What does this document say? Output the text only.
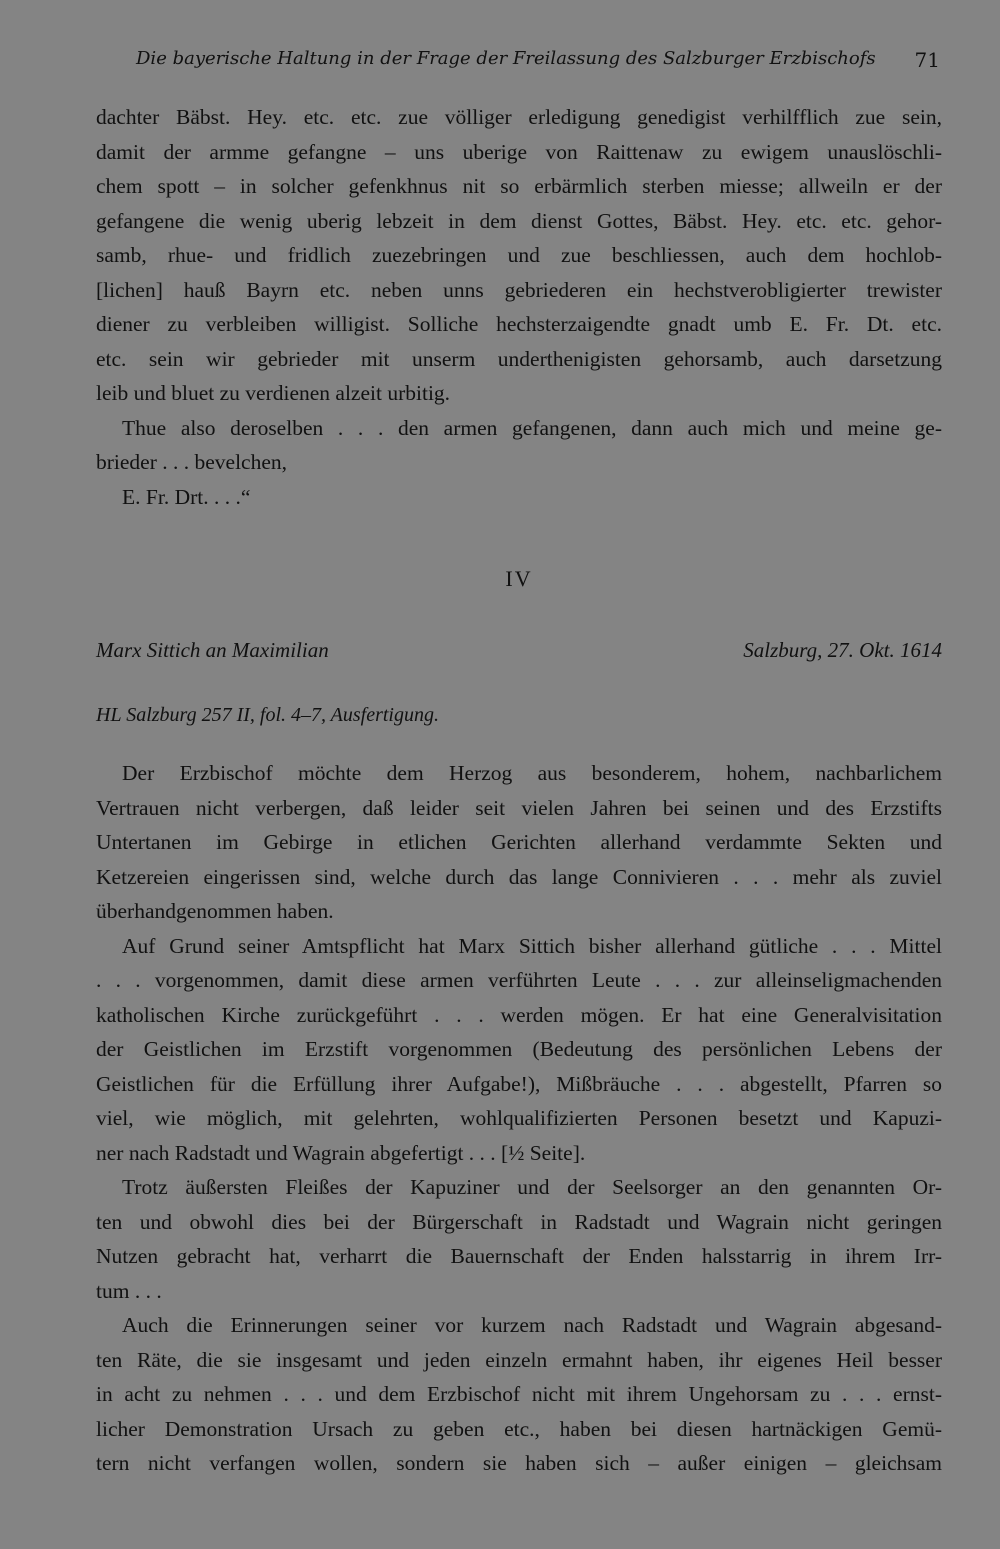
Die bayerische Haltung in der Frage der Freilassung des Salzburger Erzbischofs 71

dachter Bäbst. Hey. etc. etc. zue völliger erledigung genedigist verhilfflich zue sein,
damit der armme gefangne – uns uberige von Raittenaw zu ewigem unauslöschli-
chem spott – in solcher gefenkhnus nit so erbärmlich sterben miesse; allweiln er der
gefangene die wenig uberig lebzeit in dem dienst Gottes, Bäbst. Hey. etc. etc. gehor-
samb, rhue- und fridlich zuezebringen und zue beschliessen, auch dem hochlob-
[lichen] hauß Bayrn etc. neben unns gebriederen ein hechstverobligierter trewister
diener zu verbleiben willigist. Solliche hechsterzaigendte gnadt umb E. Fr. Dt. etc.
etc. sein wir gebrieder mit unserm underthenigisten gehorsamb, auch darsetzung
leib und bluet zu verdienen alzeit urbitig.

Thue also deroselben . . . den armen gefangenen, dann auch mich und meine ge-
brieder . . . bevelchen,

E. Fr. Drt. . . .“

IV
Marx Sittich an Maximilian	Salzburg, 27. Okt. 1614
HL Salzburg 257 II, fol. 4–7, Ausfertigung.

Der Erzbischof möchte dem Herzog aus besonderem, hohem, nachbarlichem
Vertrauen nicht verbergen, daß leider seit vielen Jahren bei seinen und des Erzstifts
Untertanen im Gebirge in etlichen Gerichten allerhand verdammte Sekten und
Ketzereien eingerissen sind, welche durch das lange Connivieren . . . mehr als zuviel
überhandgenommen haben.

Auf Grund seiner Amtspflicht hat Marx Sittich bisher allerhand gütliche . . . Mittel
. . . vorgenommen, damit diese armen verführten Leute . . . zur alleinseligmachenden
katholischen Kirche zurückgeführt . . . werden mögen. Er hat eine Generalvisitation
der Geistlichen im Erzstift vorgenommen (Bedeutung des persönlichen Lebens der
Geistlichen für die Erfüllung ihrer Aufgabe!), Mißbräuche . . . abgestellt, Pfarren so
viel, wie möglich, mit gelehrten, wohlqualifizierten Personen besetzt und Kapuzi-
ner nach Radstadt und Wagrain abgefertigt . . . [½ Seite].

Trotz äußersten Fleißes der Kapuziner und der Seelsorger an den genannten Or-
ten und obwohl dies bei der Bürgerschaft in Radstadt und Wagrain nicht geringen
Nutzen gebracht hat, verharrt die Bauernschaft der Enden halsstarrig in ihrem Irr-
tum . . .

Auch die Erinnerungen seiner vor kurzem nach Radstadt und Wagrain abgesand-
ten Räte, die sie insgesamt und jeden einzeln ermahnt haben, ihr eigenes Heil besser
in acht zu nehmen . . . und dem Erzbischof nicht mit ihrem Ungehorsam zu . . . ernst-
licher Demonstration Ursach zu geben etc., haben bei diesen hartnäckigen Gemü-
tern nicht verfangen wollen, sondern sie haben sich – außer einigen – gleichsam
